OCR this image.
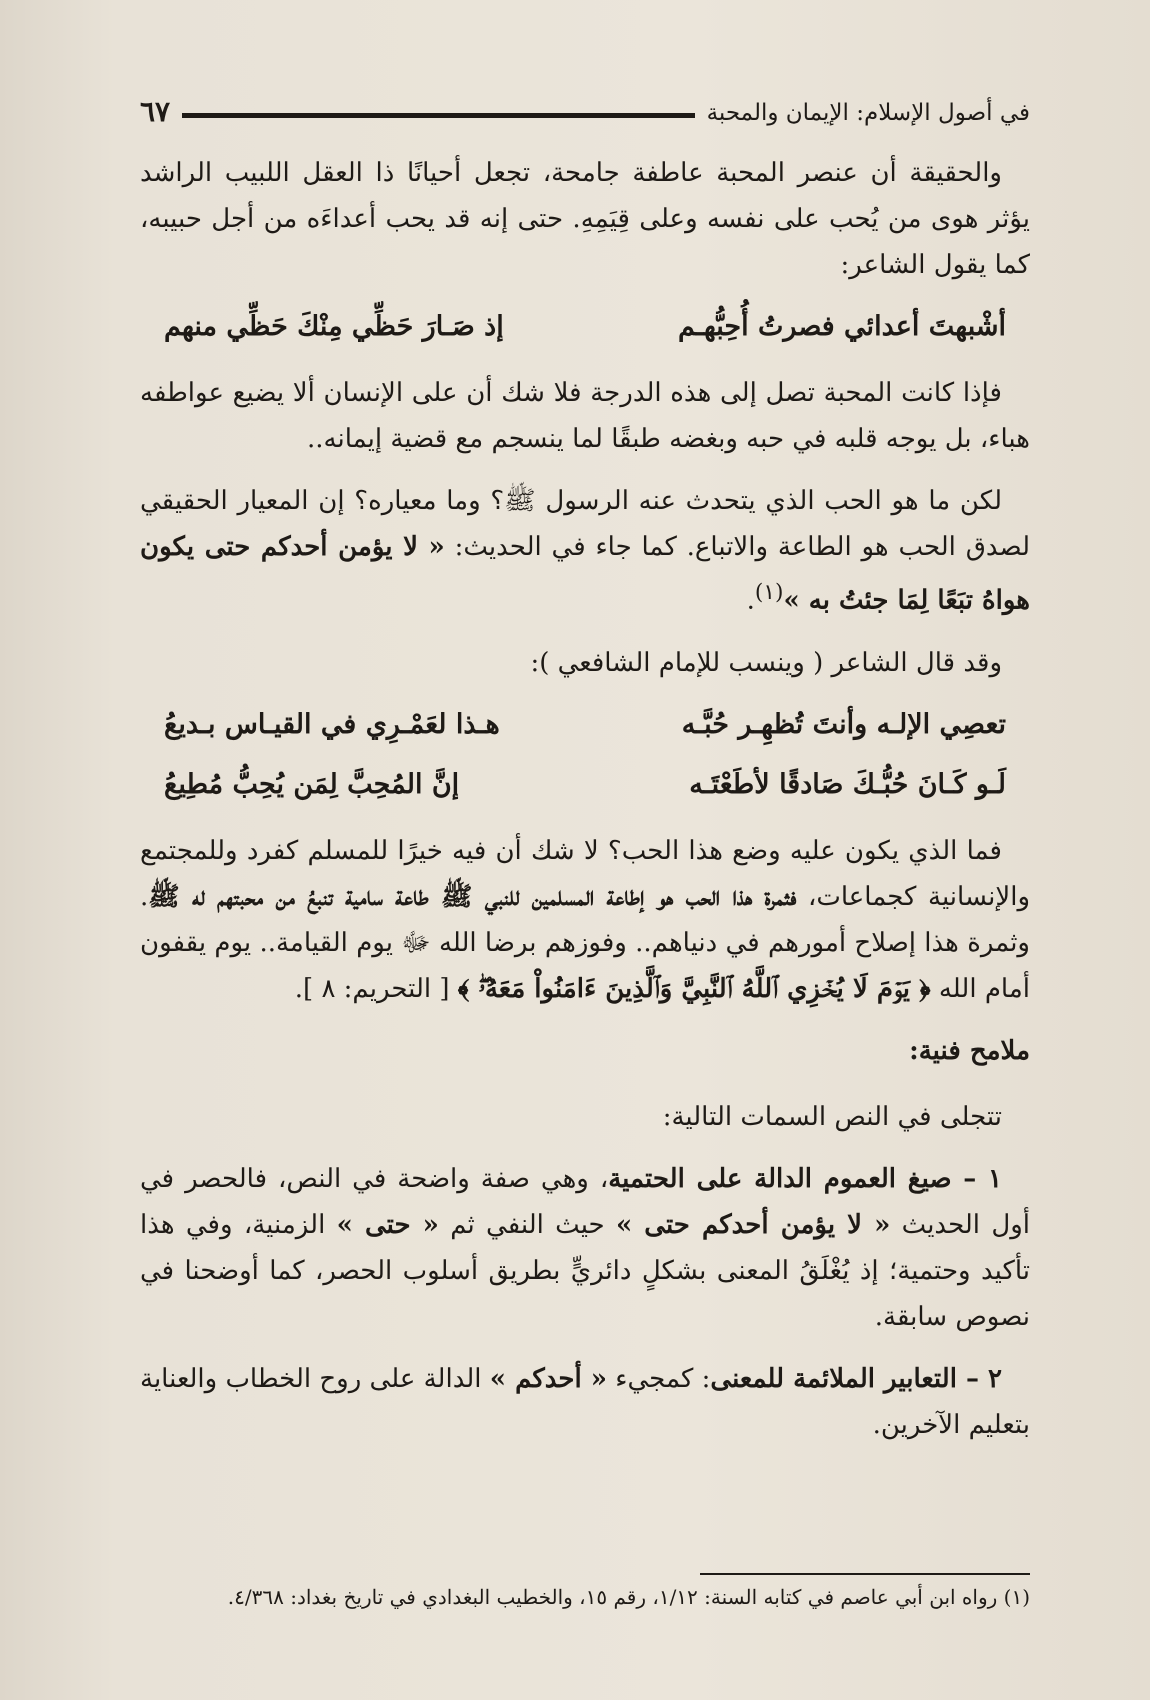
في أصول الإسلام: الإيمان والمحبة
٦٧

والحقيقة أن عنصر المحبة عاطفة جامحة، تجعل أحيانًا ذا العقل اللبيب الراشد يؤثر هوى من يُحب على نفسه وعلى قِيَمِهِ. حتى إنه قد يحب أعداءَه من أجل حبيبه، كما يقول الشاعر:

أشْبهتَ أعدائي فصرتُ أُحِبُّهـم
إذ صَـارَ حَظِّي مِنْكَ حَظِّي منهم

فإذا كانت المحبة تصل إلى هذه الدرجة فلا شك أن على الإنسان ألا يضيع عواطفه هباء، بل يوجه قلبه في حبه وبغضه طبقًا لما ينسجم مع قضية إيمانه..

لكن ما هو الحب الذي يتحدث عنه الرسول ﷺ؟ وما معياره؟ إن المعيار الحقيقي لصدق الحب هو الطاعة والاتباع. كما جاء في الحديث: « لا يؤمن أحدكم حتى يكون هواهُ تبَعًا لِمَا جئتُ به »$^{(١)}$.

وقد قال الشاعر ( وينسب للإمام الشافعي ):

تعصِي الإلـه وأنتَ تُظهِـر حُبَّـه
هـذا لعَمْـرِي في القيـاس بـديعُ
لَـو كَـانَ حُبُّـكَ صَادقًا لأطَعْتَـه
إنَّ المُحِبَّ لِمَن يُحِبُّ مُطِيعُ

فما الذي يكون عليه وضع هذا الحب؟ لا شك أن فيه خيرًا للمسلم كفرد وللمجتمع والإنسانية كجماعات، فثمرة هذا الحب هو إطاعة المسلمين للنبي ﷺ طاعة سامية تنبعُ من محبتهم له ﷺ. وثمرة هذا إصلاح أمورهم في دنياهم.. وفوزهم برضا الله ﷻ يوم القيامة.. يوم يقفون أمام الله ﴿ يَوۡمَ لَا يُخۡزِي ٱللَّهُ ٱلنَّبِيَّ وَٱلَّذِينَ ءَامَنُواْ مَعَهُۥۖ ﴾ [ التحريم: ٨ ].

ملامح فنية:

تتجلى في النص السمات التالية:

١ – صيغ العموم الدالة على الحتمية، وهي صفة واضحة في النص، فالحصر في أول الحديث « لا يؤمن أحدكم حتى » حيث النفي ثم « حتى » الزمنية، وفي هذا تأكيد وحتمية؛ إذ يُغْلَقُ المعنى بشكلٍ دائريٍّ بطريق أسلوب الحصر، كما أوضحنا في نصوص سابقة.

٢ – التعابير الملائمة للمعنى: كمجيء « أحدكم » الدالة على روح الخطاب والعناية بتعليم الآخرين.

(١) رواه ابن أبي عاصم في كتابه السنة: ١/١٢، رقم ١٥، والخطيب البغدادي في تاريخ بغداد: ٤/٣٦٨.
